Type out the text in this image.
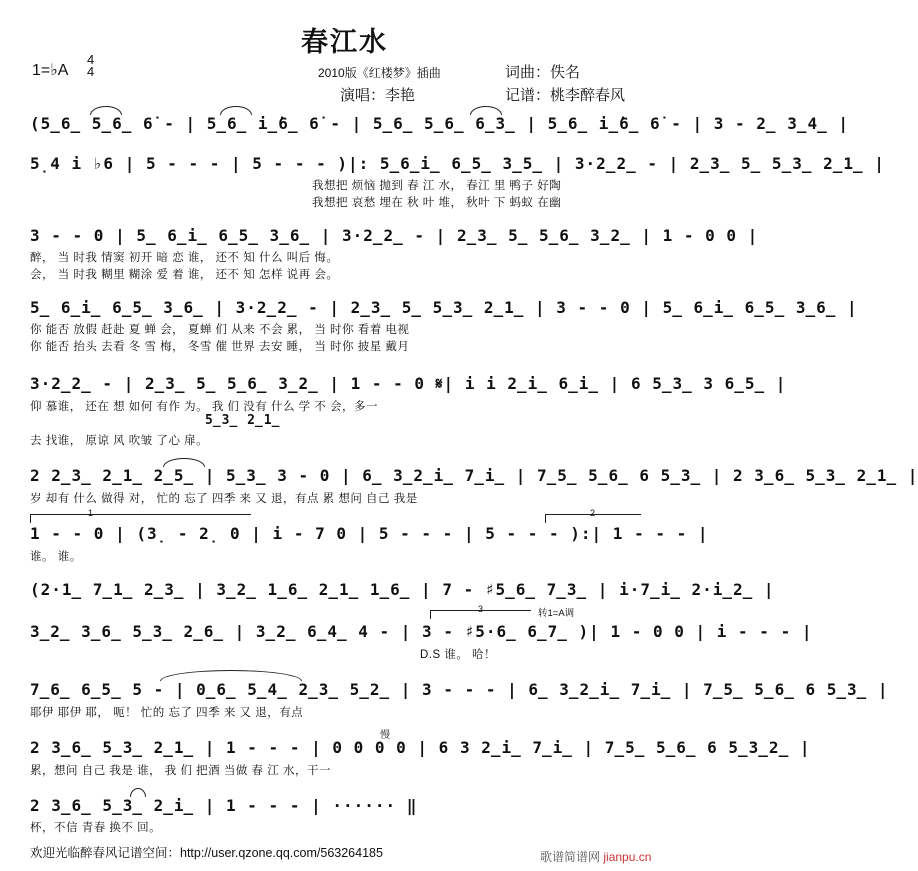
春江水
1=♭A
4
4	2010版《红楼梦》插曲	词曲：佚名
演唱：李艳	记谱：桃李醉春风
(5̲6̲ 5̲6̲ 6̇ - | 5̲6̲ i̲̇6̲ 6̇ - | 5̲6̲ 5̲6̲ 6̲3̲ | 5̲6̲ i̲̇6̲ 6̇ - | 3 - 2̲ 3̲4̲ |
5̣4 i ♭6 | 5 - - - | 5 - - - )|: 5̲6̲i̲ 6̲5̲ 3̲5̲ | 3·2̲2̲ - | 2̲3̲ 5̲ 5̲3̲ 2̲1̲ |
我想把 烦恼 抛到 春 江 水， 春江 里 鸭子 好陶
我想把 哀愁 埋在 秋 叶 堆， 秋叶 下 蚂蚁 在幽
3 - - 0 | 5̲ 6̲i̲ 6̲5̲ 3̲6̲ | 3·2̲2̲ - | 2̲3̲ 5̲ 5̲6̲ 3̲2̲ | 1 - 0 0 |
醉， 当 时我 情窦 初开 暗 恋 谁， 还不 知 什么 叫后 悔。
会， 当 时我 糊里 糊涂 爱 着 谁， 还不 知 怎样 说再 会。
5̲ 6̲i̲ 6̲5̲ 3̲6̲ | 3·2̲2̲ - | 2̲3̲ 5̲ 5̲3̲ 2̲1̲ | 3 - - 0 | 5̲ 6̲i̲ 6̲5̲ 3̲6̲ |
你 能否 放假 赶赴 夏 蝉 会， 夏蝉 们 从来 不会 累， 当 时你 看着 电视
你 能否 抬头 去看 冬 雪 梅， 冬雪 催 世界 去安 睡， 当 时你 披星 戴月
3·2̲2̲ - | 2̲3̲ 5̲ 5̲6̲ 3̲2̲ | 1 - - 0 𝄋| i i 2̲i̲ 6̲i̲ | 6 5̲3̲ 3 6̲5̲ |
仰 慕谁， 还在 想 如何 有作 为。 我 们 没有 什么 学 不 会，多一
5̲3̲ 2̲1̲
去 找谁， 原谅 风 吹皱 了心 扉。
2 2̲3̲ 2̲1̲ 2̲5̲ | 5̲3̲ 3 - 0 | 6̲ 3̲2̲i̲ 7̲i̲ | 7̲5̲ 5̲6̲ 6 5̲3̲ | 2 3̲6̲ 5̲3̲ 2̲1̲ |
岁 却有 什么 做得 对， 忙的 忘了 四季 来 又 退，有点 累 想问 自己 我是
1	2
1 - - 0 | (3̣ - 2̣ 0 | i - 7 0 | 5 - - - | 5 - - - ):| 1 - - - |
谁。 谁。
(2·1̲ 7̲1̲ 2̲3̲ | 3̲2̲ 1̲6̲ 2̲1̲ 1̲6̲ | 7 - ♯5̲6̲ 7̲3̲ | i·7̲i̲ 2·i̲2̲ |
3	转1=A调
3̲2̲ 3̲6̲ 5̲3̲ 2̲6̲ | 3̲2̲ 6̲4̲ 4 - | 3 - ♯5·6̲ 6̲7̲ )| 1 - 0 0 | i - - - |
D.S 谁。 哈！
7̲6̲ 6̲5̲ 5 - | 0̲6̲ 5̲4̲ 2̲3̲ 5̲2̲ | 3 - - - | 6̲ 3̲2̲i̲ 7̲i̲ | 7̲5̲ 5̲6̲ 6 5̲3̲ |
耶伊 耶伊 耶， 呃！ 忙的 忘了 四季 来 又 退，有点
慢
2 3̲6̲ 5̲3̲ 2̲1̲ | 1 - - - | 0 0 0 0 | 6 3 2̲i̲ 7̲i̲ | 7̲5̲ 5̲6̲ 6 5̲3̲2̲ |
累，想问 自己 我是 谁， 我 们 把酒 当做 春 江 水，干一
2 3̲6̲ 5̲3̲ 2̲i̲ | 1 - - - | ······ ‖
杯，不信 青春 换不 回。
欢迎光临醉春风记谱空间：http://user.qzone.qq.com/563264185	歌谱简谱网 jianpu.cn
